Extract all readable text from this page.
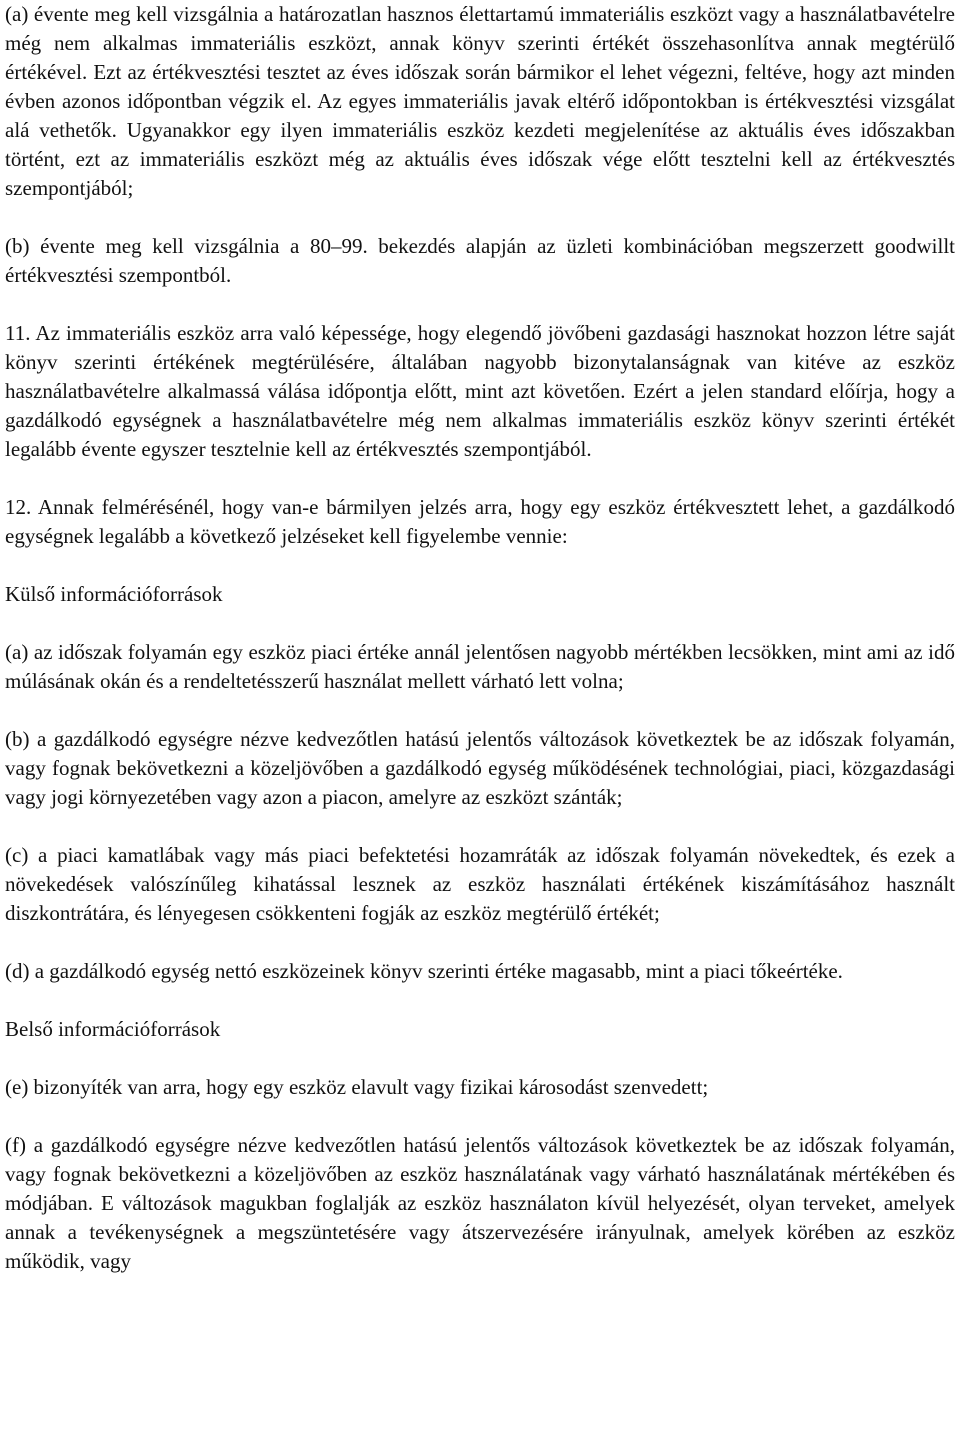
(a) évente meg kell vizsgálnia a határozatlan hasznos élettartamú immateriális eszközt vagy a használatbavételre még nem alkalmas immateriális eszközt, annak könyv szerinti értékét összehasonlítva annak megtérülő értékével. Ezt az értékvesztési tesztet az éves időszak során bármikor el lehet végezni, feltéve, hogy azt minden évben azonos időpontban végzik el. Az egyes immateriális javak eltérő időpontokban is értékvesztési vizsgálat alá vethetők. Ugyanakkor egy ilyen immateriális eszköz kezdeti megjelenítése az aktuális éves időszakban történt, ezt az immateriális eszközt még az aktuális éves időszak vége előtt tesztelni kell az értékvesztés szempontjából;

(b) évente meg kell vizsgálnia a 80–99. bekezdés alapján az üzleti kombinációban megszerzett goodwillt értékvesztési szempontból.

11. Az immateriális eszköz arra való képessége, hogy elegendő jövőbeni gazdasági hasznokat hozzon létre saját könyv szerinti értékének megtérülésére, általában nagyobb bizonytalanságnak van kitéve az eszköz használatbavételre alkalmassá válása időpontja előtt, mint azt követően. Ezért a jelen standard előírja, hogy a gazdálkodó egységnek a használatbavételre még nem alkalmas immateriális eszköz könyv szerinti értékét legalább évente egyszer tesztelnie kell az értékvesztés szempontjából.

12. Annak felmérésénél, hogy van-e bármilyen jelzés arra, hogy egy eszköz értékvesztett lehet, a gazdálkodó egységnek legalább a következő jelzéseket kell figyelembe vennie:

Külső információforrások

(a) az időszak folyamán egy eszköz piaci értéke annál jelentősen nagyobb mértékben lecsökken, mint ami az idő múlásának okán és a rendeltetésszerű használat mellett várható lett volna;

(b) a gazdálkodó egységre nézve kedvezőtlen hatású jelentős változások következtek be az időszak folyamán, vagy fognak bekövetkezni a közeljövőben a gazdálkodó egység működésének technológiai, piaci, közgazdasági vagy jogi környezetében vagy azon a piacon, amelyre az eszközt szánták;

(c) a piaci kamatlábak vagy más piaci befektetési hozamráták az időszak folyamán növekedtek, és ezek a növekedések valószínűleg kihatással lesznek az eszköz használati értékének kiszámításához használt diszkontrátára, és lényegesen csökkenteni fogják az eszköz megtérülő értékét;

(d) a gazdálkodó egység nettó eszközeinek könyv szerinti értéke magasabb, mint a piaci tőkeértéke.

Belső információforrások

(e) bizonyíték van arra, hogy egy eszköz elavult vagy fizikai károsodást szenvedett;

(f) a gazdálkodó egységre nézve kedvezőtlen hatású jelentős változások következtek be az időszak folyamán, vagy fognak bekövetkezni a közeljövőben az eszköz használatának vagy várható használatának mértékében és módjában. E változások magukban foglalják az eszköz használaton kívül helyezését, olyan terveket, amelyek annak a tevékenységnek a megszüntetésére vagy átszervezésére irányulnak, amelyek körében az eszköz működik, vagy
